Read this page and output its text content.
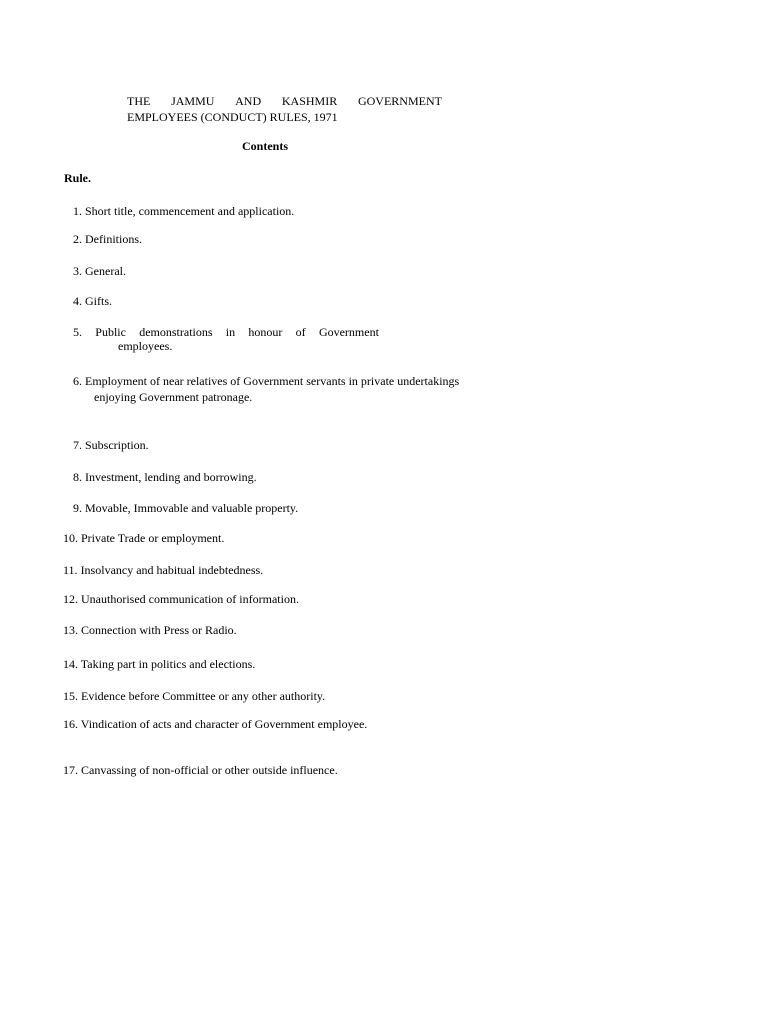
THE JAMMU AND KASHMIR GOVERNMENT
EMPLOYEES (CONDUCT) RULES, 1971
Contents
Rule.
1. Short title, commencement and application.
2. Definitions.
3. General.
4. Gifts.
5. Public demonstrations in honour of Government
employees.
6. Employment of near relatives of Government servants in private undertakings
enjoying Government patronage.
7. Subscription.
8. Investment, lending and borrowing.
9. Movable, Immovable and valuable property.
10. Private Trade or employment.
11. Insolvancy and habitual indebtedness.
12. Unauthorised communication of information.
13. Connection with Press or Radio.
14. Taking part in politics and elections.
15. Evidence before Committee or any other authority.
16. Vindication of acts and character of Government employee.
17. Canvassing of non-official or other outside influence.
